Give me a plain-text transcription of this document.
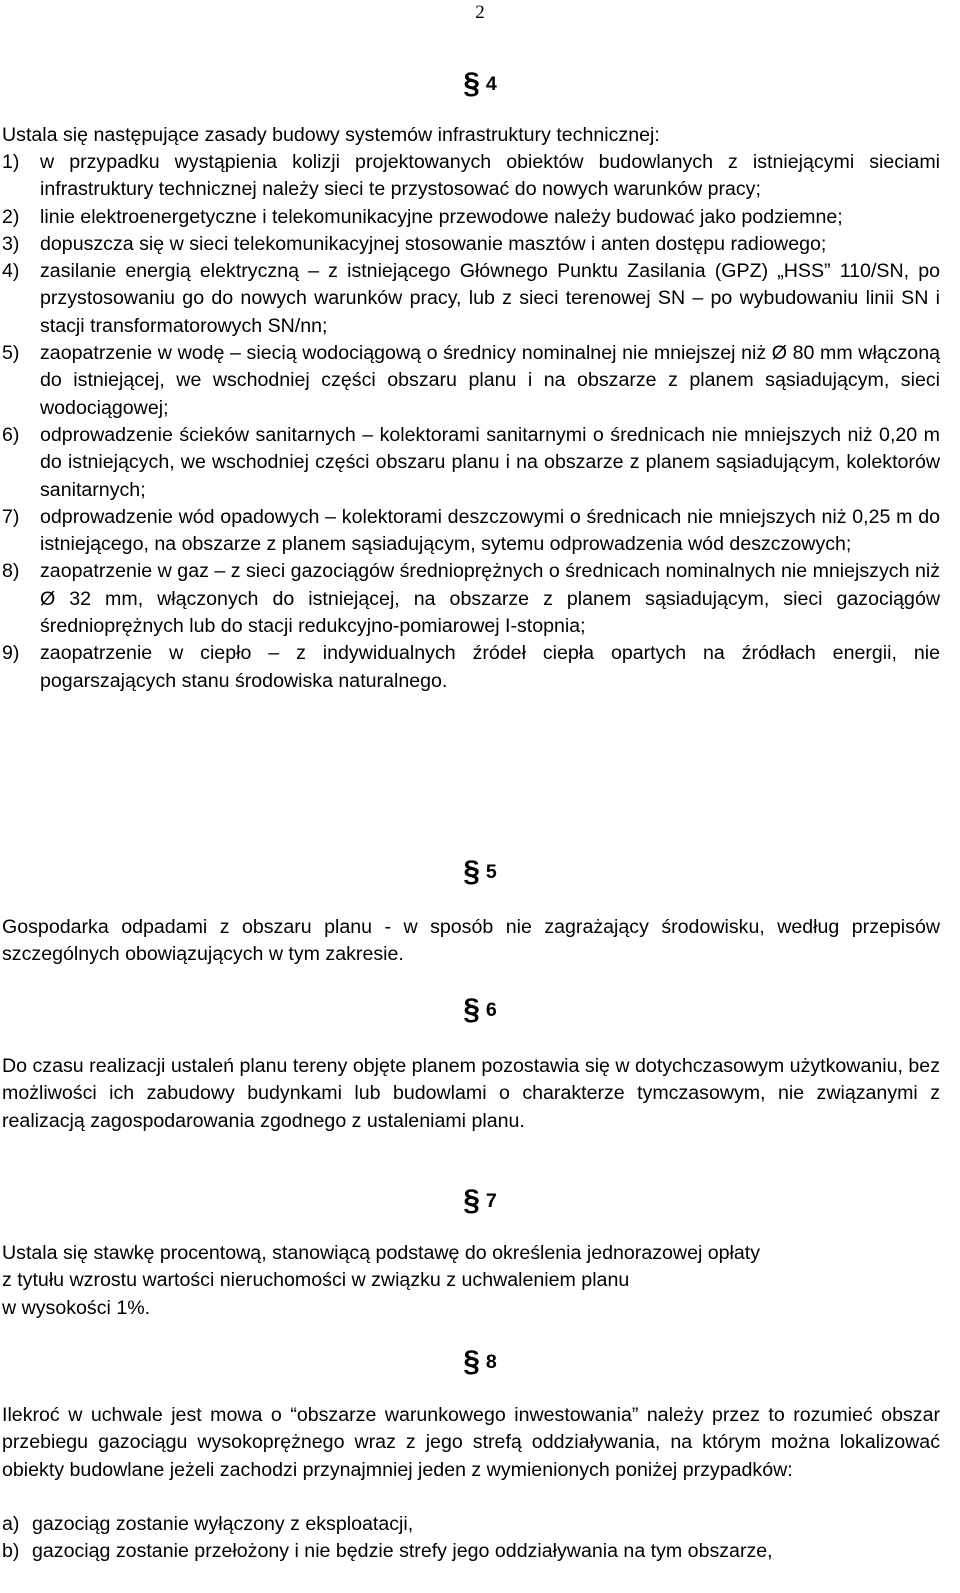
2
§ 4

Ustala się następujące zasady budowy systemów infrastruktury technicznej:

1)	w przypadku wystąpienia kolizji projektowanych obiektów budowlanych z istniejącymi sieciami infrastruktury technicznej należy sieci te przystosować do nowych warunków pracy;
2)	linie elektroenergetyczne i telekomunikacyjne przewodowe należy budować jako podziemne;
3)	dopuszcza się w sieci telekomunikacyjnej stosowanie masztów i anten dostępu radiowego;
4)	zasilanie energią elektryczną – z istniejącego Głównego Punktu Zasilania (GPZ) „HSS” 110/SN, po przystosowaniu go do nowych warunków pracy, lub z sieci terenowej SN – po wybudowaniu linii SN i stacji transformatorowych SN/nn;
5)	zaopatrzenie w wodę – siecią wodociągową o średnicy nominalnej nie mniejszej niż Ø 80 mm włączoną do istniejącej, we wschodniej części obszaru planu i na obszarze z planem sąsiadującym, sieci wodociągowej;
6)	odprowadzenie ścieków sanitarnych – kolektorami sanitarnymi o średnicach nie mniejszych niż 0,20 m do istniejących, we wschodniej części obszaru planu i na obszarze z planem sąsiadującym, kolektorów sanitarnych;
7)	odprowadzenie wód opadowych – kolektorami deszczowymi o średnicach nie mniejszych niż 0,25 m do istniejącego, na obszarze z planem sąsiadującym, sytemu odprowadzenia wód deszczowych;
8)	zaopatrzenie w gaz – z sieci gazociągów średnioprężnych o średnicach nominalnych nie mniejszych niż Ø 32 mm, włączonych do istniejącej, na obszarze z planem sąsiadującym, sieci gazociągów średnioprężnych lub do stacji redukcyjno-pomiarowej I-stopnia;
9)	zaopatrzenie w ciepło – z indywidualnych źródeł ciepła opartych na źródłach energii, nie pogarszających stanu środowiska naturalnego.
§ 5

Gospodarka odpadami z obszaru planu - w sposób nie zagrażający środowisku, według przepisów szczególnych obowiązujących w tym zakresie.

§ 6

Do czasu realizacji ustaleń planu tereny objęte planem pozostawia się w dotychczasowym użytkowaniu, bez możliwości ich zabudowy budynkami lub budowlami o charakterze tymczasowym, nie związanymi z realizacją zagospodarowania zgodnego z ustaleniami planu.

§ 7

Ustala się stawkę procentową, stanowiącą podstawę do określenia jednorazowej opłaty

z tytułu wzrostu wartości nieruchomości w związku z uchwaleniem planu

w wysokości 1%.

§ 8

Ilekroć w uchwale jest mowa o “obszarze warunkowego inwestowania” należy przez to rozumieć obszar przebiegu gazociągu wysokoprężnego wraz z jego strefą oddziaływania, na którym można lokalizować obiekty budowlane jeżeli zachodzi przynajmniej jeden z wymienionych poniżej przypadków:

a) gazociąg zostanie wyłączony z eksploatacji,
b) gazociąg zostanie przełożony i nie będzie strefy jego oddziaływania na tym obszarze,
